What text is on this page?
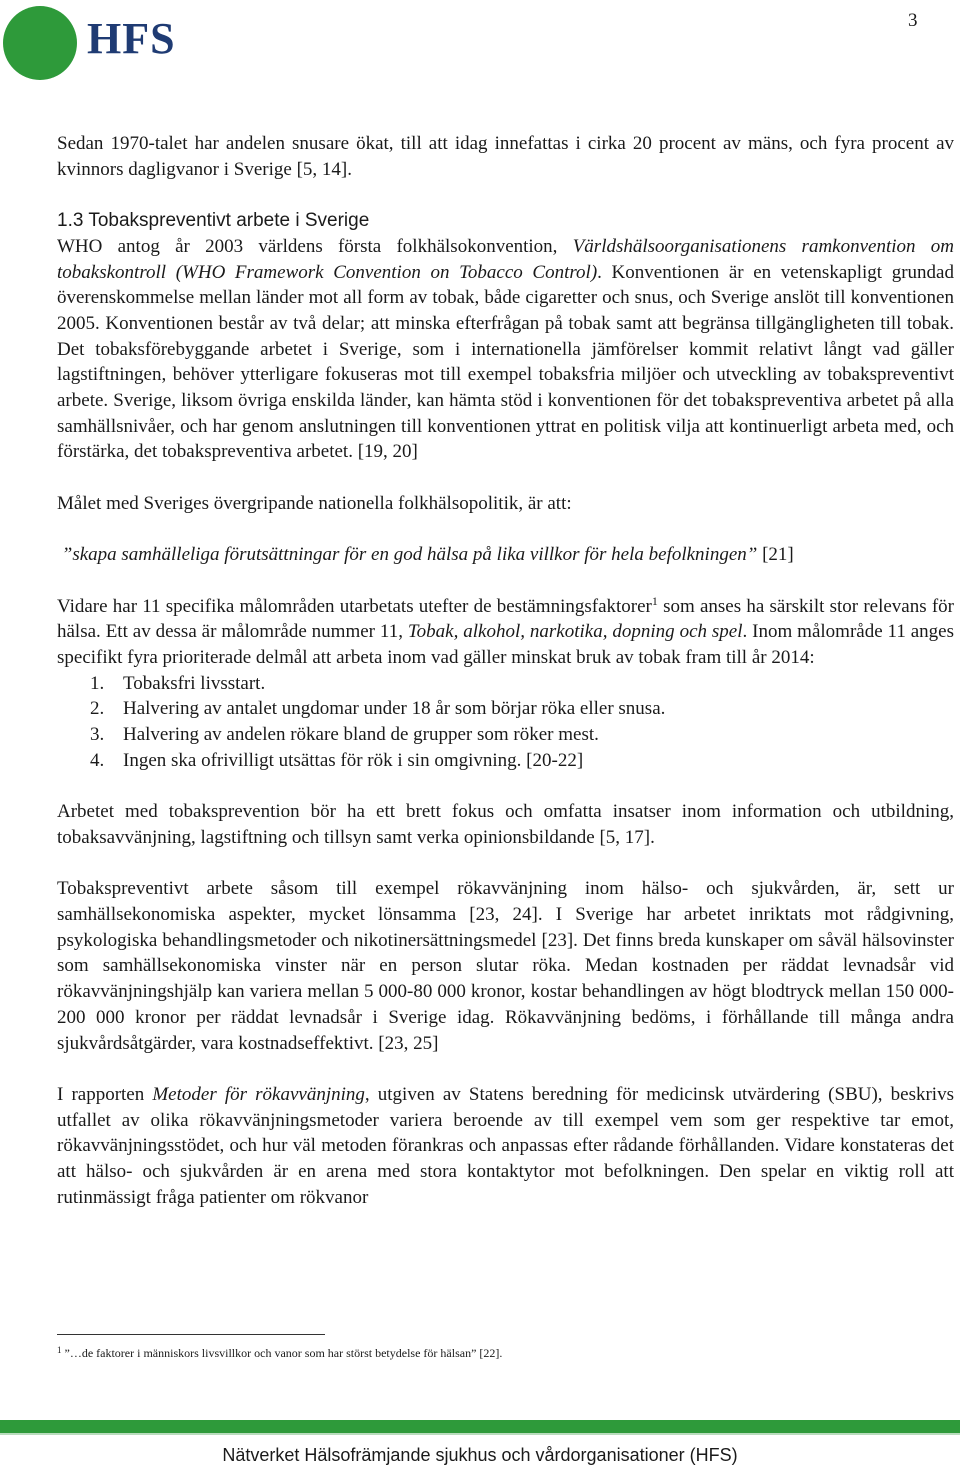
HFS	3

Sedan 1970-talet har andelen snusare ökat, till att idag innefattas i cirka 20 procent av mäns, och fyra procent av kvinnors dagligvanor i Sverige [5, 14].

1.3 Tobakspreventivt arbete i Sverige

WHO antog år 2003 världens första folkhälsokonvention, Världshälsoorganisationens ramkonvention om tobakskontroll (WHO Framework Convention on Tobacco Control). Konventionen är en vetenskapligt grundad överenskommelse mellan länder mot all form av tobak, både cigaretter och snus, och Sverige anslöt till konventionen 2005. Konventionen består av två delar; att minska efterfrågan på tobak samt att begränsa tillgängligheten till tobak. Det tobaksförebyggande arbetet i Sverige, som i internationella jämförelser kommit relativt långt vad gäller lagstiftningen, behöver ytterligare fokuseras mot till exempel tobaksfria miljöer och utveckling av tobakspreventivt arbete. Sverige, liksom övriga enskilda länder, kan hämta stöd i konventionen för det tobakspreventiva arbetet på alla samhällsnivåer, och har genom anslutningen till konventionen yttrat en politisk vilja att kontinuerligt arbeta med, och förstärka, det tobakspreventiva arbetet. [19, 20]

Målet med Sveriges övergripande nationella folkhälsopolitik, är att:

”skapa samhälleliga förutsättningar för en god hälsa på lika villkor för hela befolkningen” [21]

Vidare har 11 specifika målområden utarbetats utefter de bestämningsfaktorer$^1$ som anses ha särskilt stor relevans för hälsa. Ett av dessa är målområde nummer 11, Tobak, alkohol, narkotika, dopning och spel. Inom målområde 11 anges specifikt fyra prioriterade delmål att arbeta inom vad gäller minskat bruk av tobak fram till år 2014:

1. Tobaksfri livsstart.
2. Halvering av antalet ungdomar under 18 år som börjar röka eller snusa.
3. Halvering av andelen rökare bland de grupper som röker mest.
4. Ingen ska ofrivilligt utsättas för rök i sin omgivning. [20-22]

Arbetet med tobaksprevention bör ha ett brett fokus och omfatta insatser inom information och utbildning, tobaksavvänjning, lagstiftning och tillsyn samt verka opinionsbildande [5, 17].

Tobakspreventivt arbete såsom till exempel rökavvänjning inom hälso- och sjukvården, är, sett ur samhällsekonomiska aspekter, mycket lönsamma [23, 24]. I Sverige har arbetet inriktats mot rådgivning, psykologiska behandlingsmetoder och nikotinersättningsmedel [23]. Det finns breda kunskaper om såväl hälsovinster som samhällsekonomiska vinster när en person slutar röka. Medan kostnaden per räddat levnadsår vid rökavvänjningshjälp kan variera mellan 5 000-80 000 kronor, kostar behandlingen av högt blodtryck mellan 150 000-200 000 kronor per räddat levnadsår i Sverige idag. Rökavvänjning bedöms, i förhållande till många andra sjukvårdsåtgärder, vara kostnadseffektivt. [23, 25]

I rapporten Metoder för rökavvänjning, utgiven av Statens beredning för medicinsk utvärdering (SBU), beskrivs utfallet av olika rökavvänjningsmetoder variera beroende av till exempel vem som ger respektive tar emot, rökavvänjningsstödet, och hur väl metoden förankras och anpassas efter rådande förhållanden. Vidare konstateras det att hälso- och sjukvården är en arena med stora kontaktytor mot befolkningen. Den spelar en viktig roll att rutinmässigt fråga patienter om rökvanor

$^1$ ”…de faktorer i människors livsvillkor och vanor som har störst betydelse för hälsan” [22].
Nätverket Hälsofrämjande sjukhus och vårdorganisationer (HFS)
